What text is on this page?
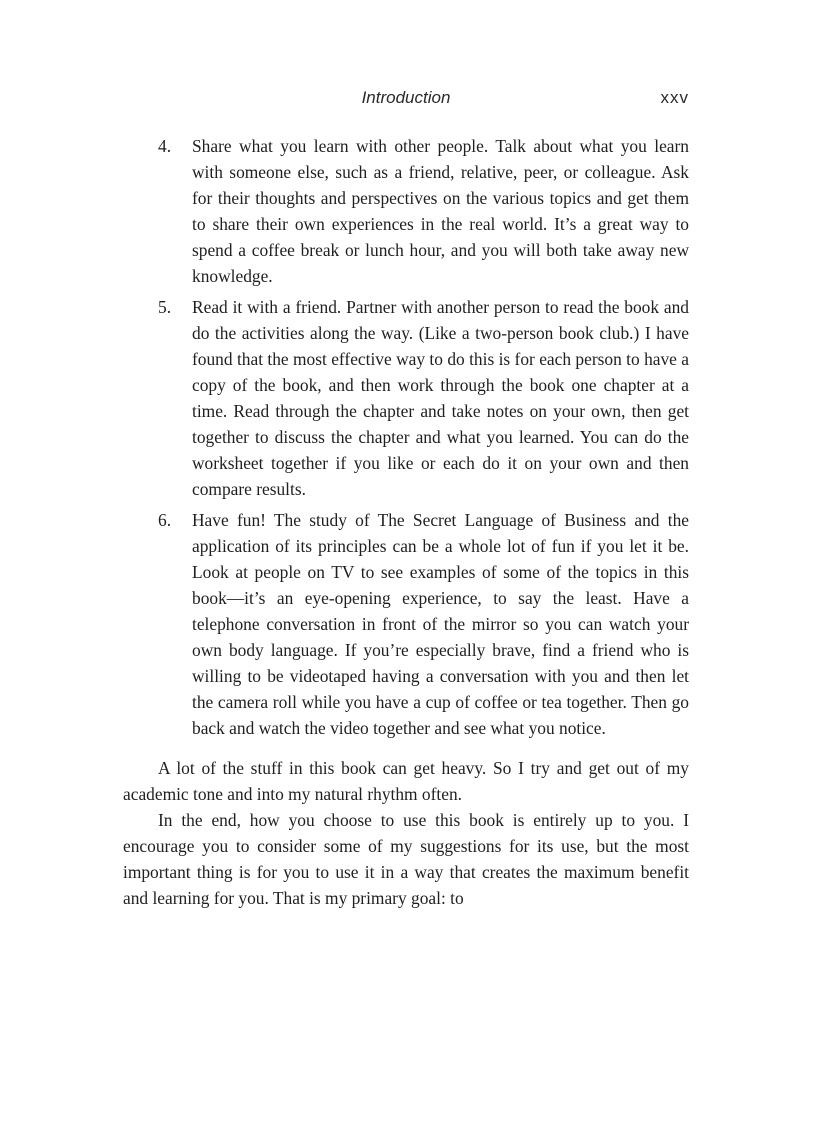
Introduction	xxv
4. Share what you learn with other people. Talk about what you learn with someone else, such as a friend, relative, peer, or colleague. Ask for their thoughts and perspectives on the various topics and get them to share their own experiences in the real world. It’s a great way to spend a coffee break or lunch hour, and you will both take away new knowledge.
5. Read it with a friend. Partner with another person to read the book and do the activities along the way. (Like a two-person book club.) I have found that the most effective way to do this is for each person to have a copy of the book, and then work through the book one chapter at a time. Read through the chapter and take notes on your own, then get together to discuss the chapter and what you learned. You can do the worksheet together if you like or each do it on your own and then compare results.
6. Have fun! The study of The Secret Language of Business and the application of its principles can be a whole lot of fun if you let it be. Look at people on TV to see examples of some of the topics in this book—it’s an eye-opening experience, to say the least. Have a telephone conversation in front of the mirror so you can watch your own body language. If you’re especially brave, find a friend who is willing to be videotaped having a conversation with you and then let the camera roll while you have a cup of coffee or tea together. Then go back and watch the video together and see what you notice.

A lot of the stuff in this book can get heavy. So I try and get out of my academic tone and into my natural rhythm often.

In the end, how you choose to use this book is entirely up to you. I encourage you to consider some of my suggestions for its use, but the most important thing is for you to use it in a way that creates the maximum benefit and learning for you. That is my primary goal: to
